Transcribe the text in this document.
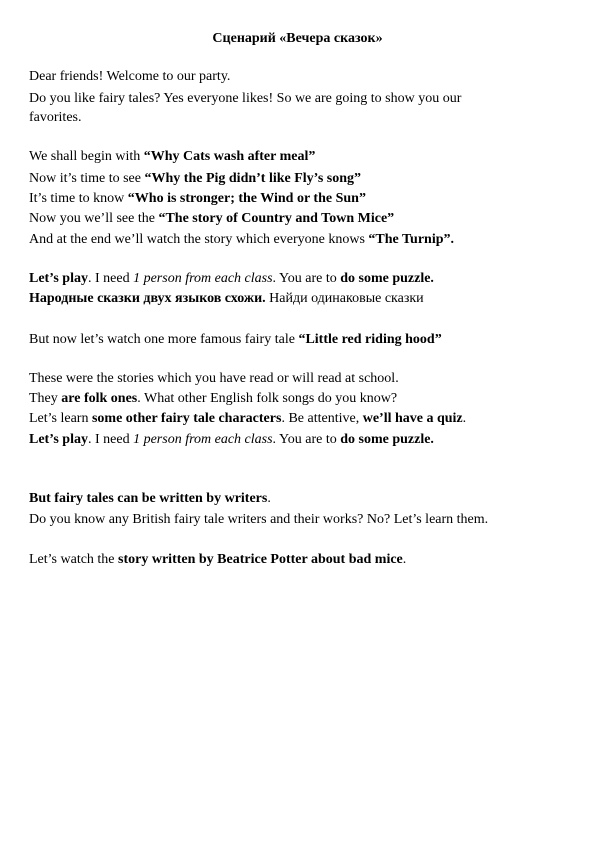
Сценарий «Вечера сказок»
Dear friends! Welcome to our party.
Do you like fairy tales? Yes everyone likes! So we are going to show you our
favorites.
We shall begin with “Why Cats wash after meal”
Now it’s time to see “Why the Pig didn’t like Fly’s song”
It’s time to know “Who is stronger; the Wind or the Sun”
Now you we’ll see the “The story of Country and Town Mice”
And at the end we’ll watch the story which everyone knows “The Turnip”.
Let’s play. I need 1 person from each class. You are to do some puzzle.
Народные сказки двух языков схожи. Найди одинаковые сказки
But now let’s watch one more famous fairy tale “Little red riding hood”
These were the stories which you have read or will read at school.
They are folk ones. What other English folk songs do you know?
Let’s learn some other fairy tale characters. Be attentive, we’ll have a quiz.
Let’s play. I need 1 person from each class. You are to do some puzzle.
But fairy tales can be written by writers.
Do you know any British fairy tale writers and their works? No? Let’s learn them.
Let’s watch the story written by Beatrice Potter about bad mice.
